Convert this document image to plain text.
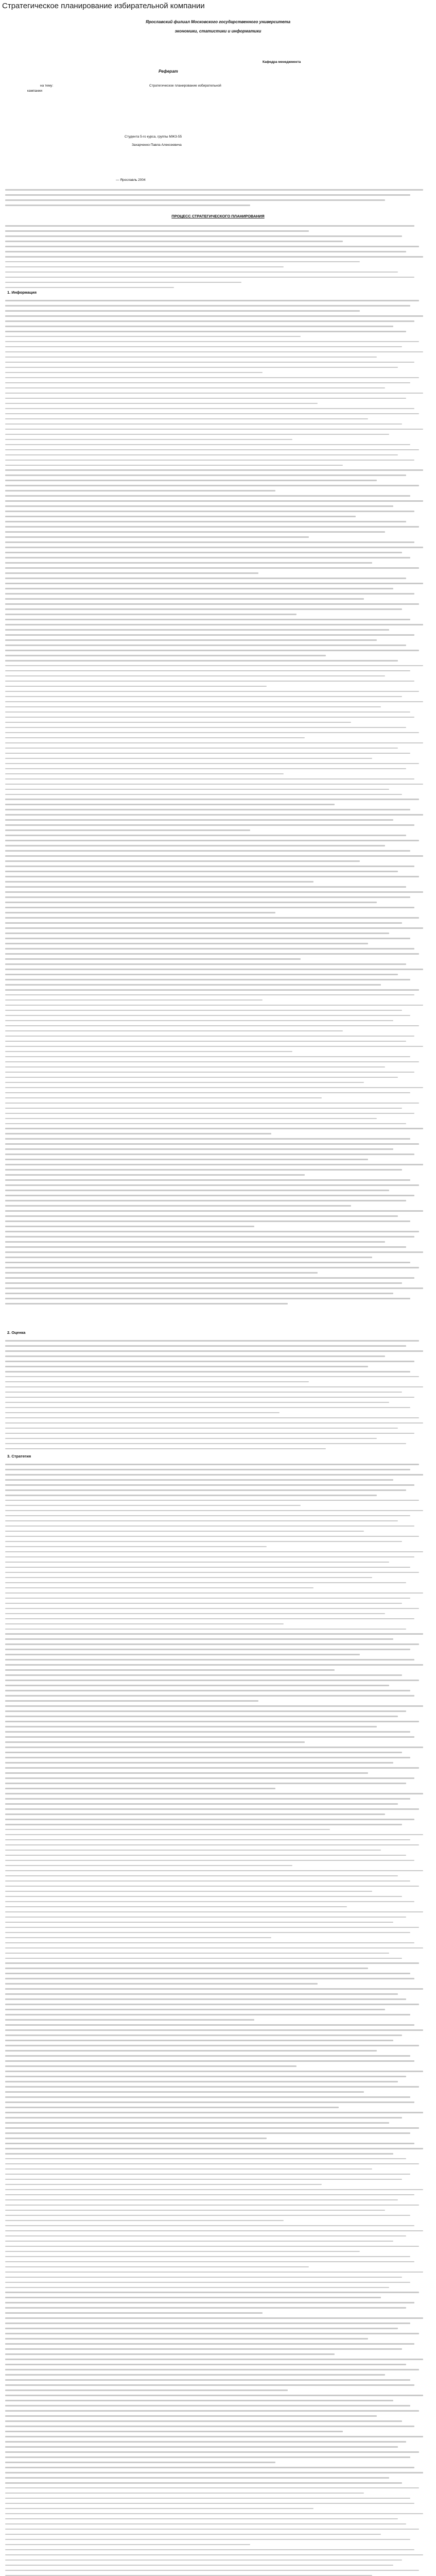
Стратегическое планирование избирательной компании
Ярославский филиал Московского государственного университета
экономики, статистики и информатики
Кафедра менеджмента
Реферат
на тему:	Стратегическое планирование избирательной
кампании
Студента 5-го курса, группы МЖЗ-55
Захарченко Павла Алексеевича
— Ярославль 2004
ПРОЦЕСС СТРАТЕГИЧЕСКОГО ПЛАНИРОВАНИЯ
1. Информация
2. Оценка
3. Стратегия
